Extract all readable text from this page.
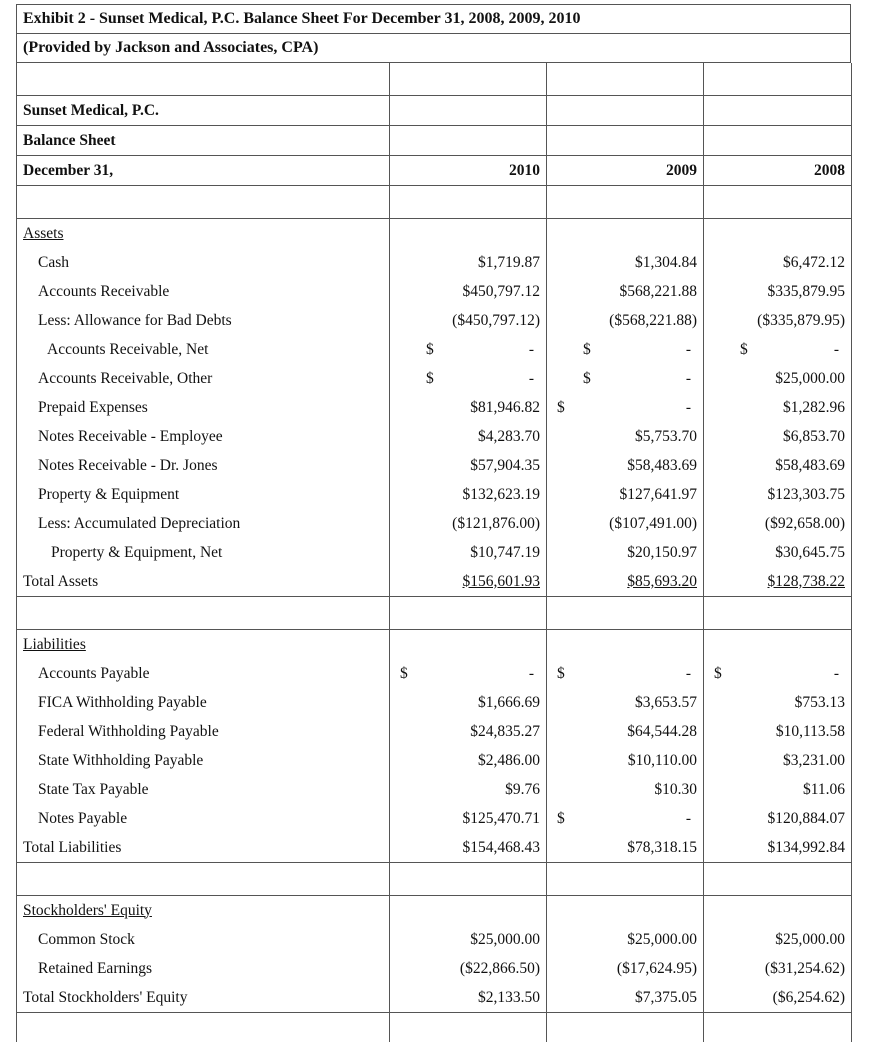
Exhibit 2 - Sunset Medical, P.C. Balance Sheet For December 31, 2008, 2009, 2010
(Provided by Jackson and Associates, CPA)

Sunset Medical, P.C.			
Balance Sheet			
December 31,	2010	2009	2008

Assets			
Cash	$1,719.87	$1,304.84	$6,472.12
Accounts Receivable	$450,797.12	$568,221.88	$335,879.95
Less: Allowance for Bad Debts	($450,797.12)	($568,221.88)	($335,879.95)
Accounts Receivable, Net	$ -	$ -	$ -

Accounts Receivable, Other	$ -	$ -	$25,000.00
Prepaid Expenses	$81,946.82	$ -	$1,282.96
Notes Receivable - Employee	$4,283.70	$5,753.70	$6,853.70
Notes Receivable - Dr. Jones	$57,904.35	$58,483.69	$58,483.69
Property & Equipment	$132,623.19	$127,641.97	$123,303.75
Less: Accumulated Depreciation	($121,876.00)	($107,491.00)	($92,658.00)
Property & Equipment, Net	$10,747.19	$20,150.97	$30,645.75
Total Assets	$156,601.93	$85,693.20	$128,738.22

Liabilities			
Accounts Payable	$ -	$ -	$ -

FICA Withholding Payable	$1,666.69	$3,653.57	$753.13
Federal Withholding Payable	$24,835.27	$64,544.28	$10,113.58
State Withholding Payable	$2,486.00	$10,110.00	$3,231.00
State Tax Payable	$9.76	$10.30	$11.06
Notes Payable	$125,470.71	$ -	$120,884.07
Total Liabilities	$154,468.43	$78,318.15	$134,992.84

Stockholders' Equity			
Common Stock	$25,000.00	$25,000.00	$25,000.00
Retained Earnings	($22,866.50)	($17,624.95)	($31,254.62)
Total Stockholders' Equity	$2,133.50	$7,375.05	($6,254.62)
